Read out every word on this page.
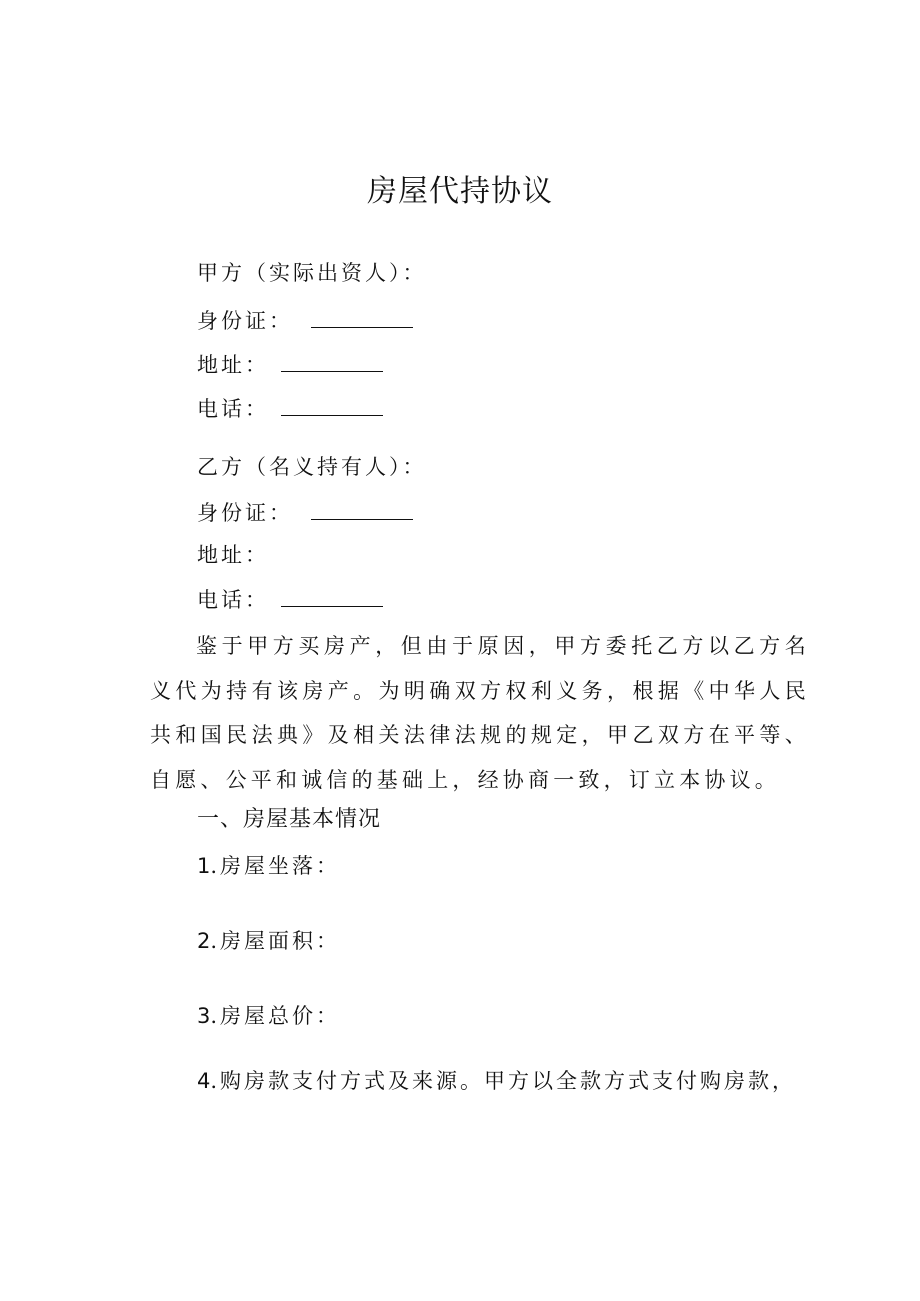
房屋代持协议
甲方（实际出资人）：
身份证：
地址：
电话：
乙方（名义持有人）：
身份证：
地址：
电话：
鉴于甲方买房产，但由于原因，甲方委托乙方以乙方名义代为持有该房产。为明确双方权利义务，根据《中华人民共和国民法典》及相关法律法规的规定，甲乙双方在平等、自愿、公平和诚信的基础上，经协商一致，订立本协议。
一、房屋基本情况
1.房屋坐落：
2.房屋面积：
3.房屋总价：
4.购房款支付方式及来源。甲方以全款方式支付购房款，
